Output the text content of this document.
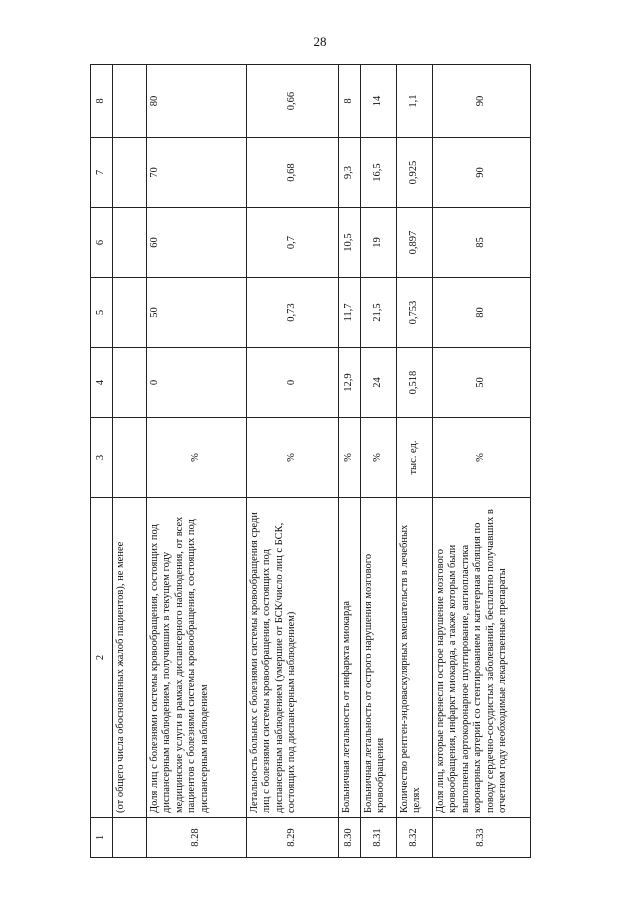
28
1	2	3	4	5	6	7	8
	(от общего числа обоснованных жалоб пациентов), не менее						
8.28	Доля лиц с болезнями системы кровообращения, состоящих под диспансерным наблюдением, получивших в текущем году медицинские услуги в рамках диспансерного наблюдения, от всех пациентов с болезнями системы кровообращения, состоящих под диспансерным наблюдением	%	0	50	60	70	80
8.29	Летальность больных с болезнями системы кровообращения среди лиц с болезнями системы кровообращения, состоящих под диспансерным наблюдением (умершие от БСК/число лиц с БСК, состоящих под диспансерным наблюдением)	%	0	0,73	0,7	0,68	0,66
8.30	Больничная летальность от инфаркта миокарда	%	12,9	11,7	10,5	9,3	8
8.31	Больничная летальность от острого нарушения мозгового кровообращения	%	24	21,5	19	16,5	14
8.32	Количество рентген-эндоваскулярных вмешательств в лечебных целях	тыс. ед.	0,518	0,753	0,897	0,925	1,1
8.33	Доля лиц, которые перенесли острое нарушение мозгового кровообращения, инфаркт миокарда, а также которым были выполнены аортокоронарное шунтирование, ангиопластика коронарных артерий со стентированием и катетерная абляция по поводу сердечно-сосудистых заболеваний, бесплатно получавших в отчетном году необходимые лекарственные препараты	%	50	80	85	90	90
